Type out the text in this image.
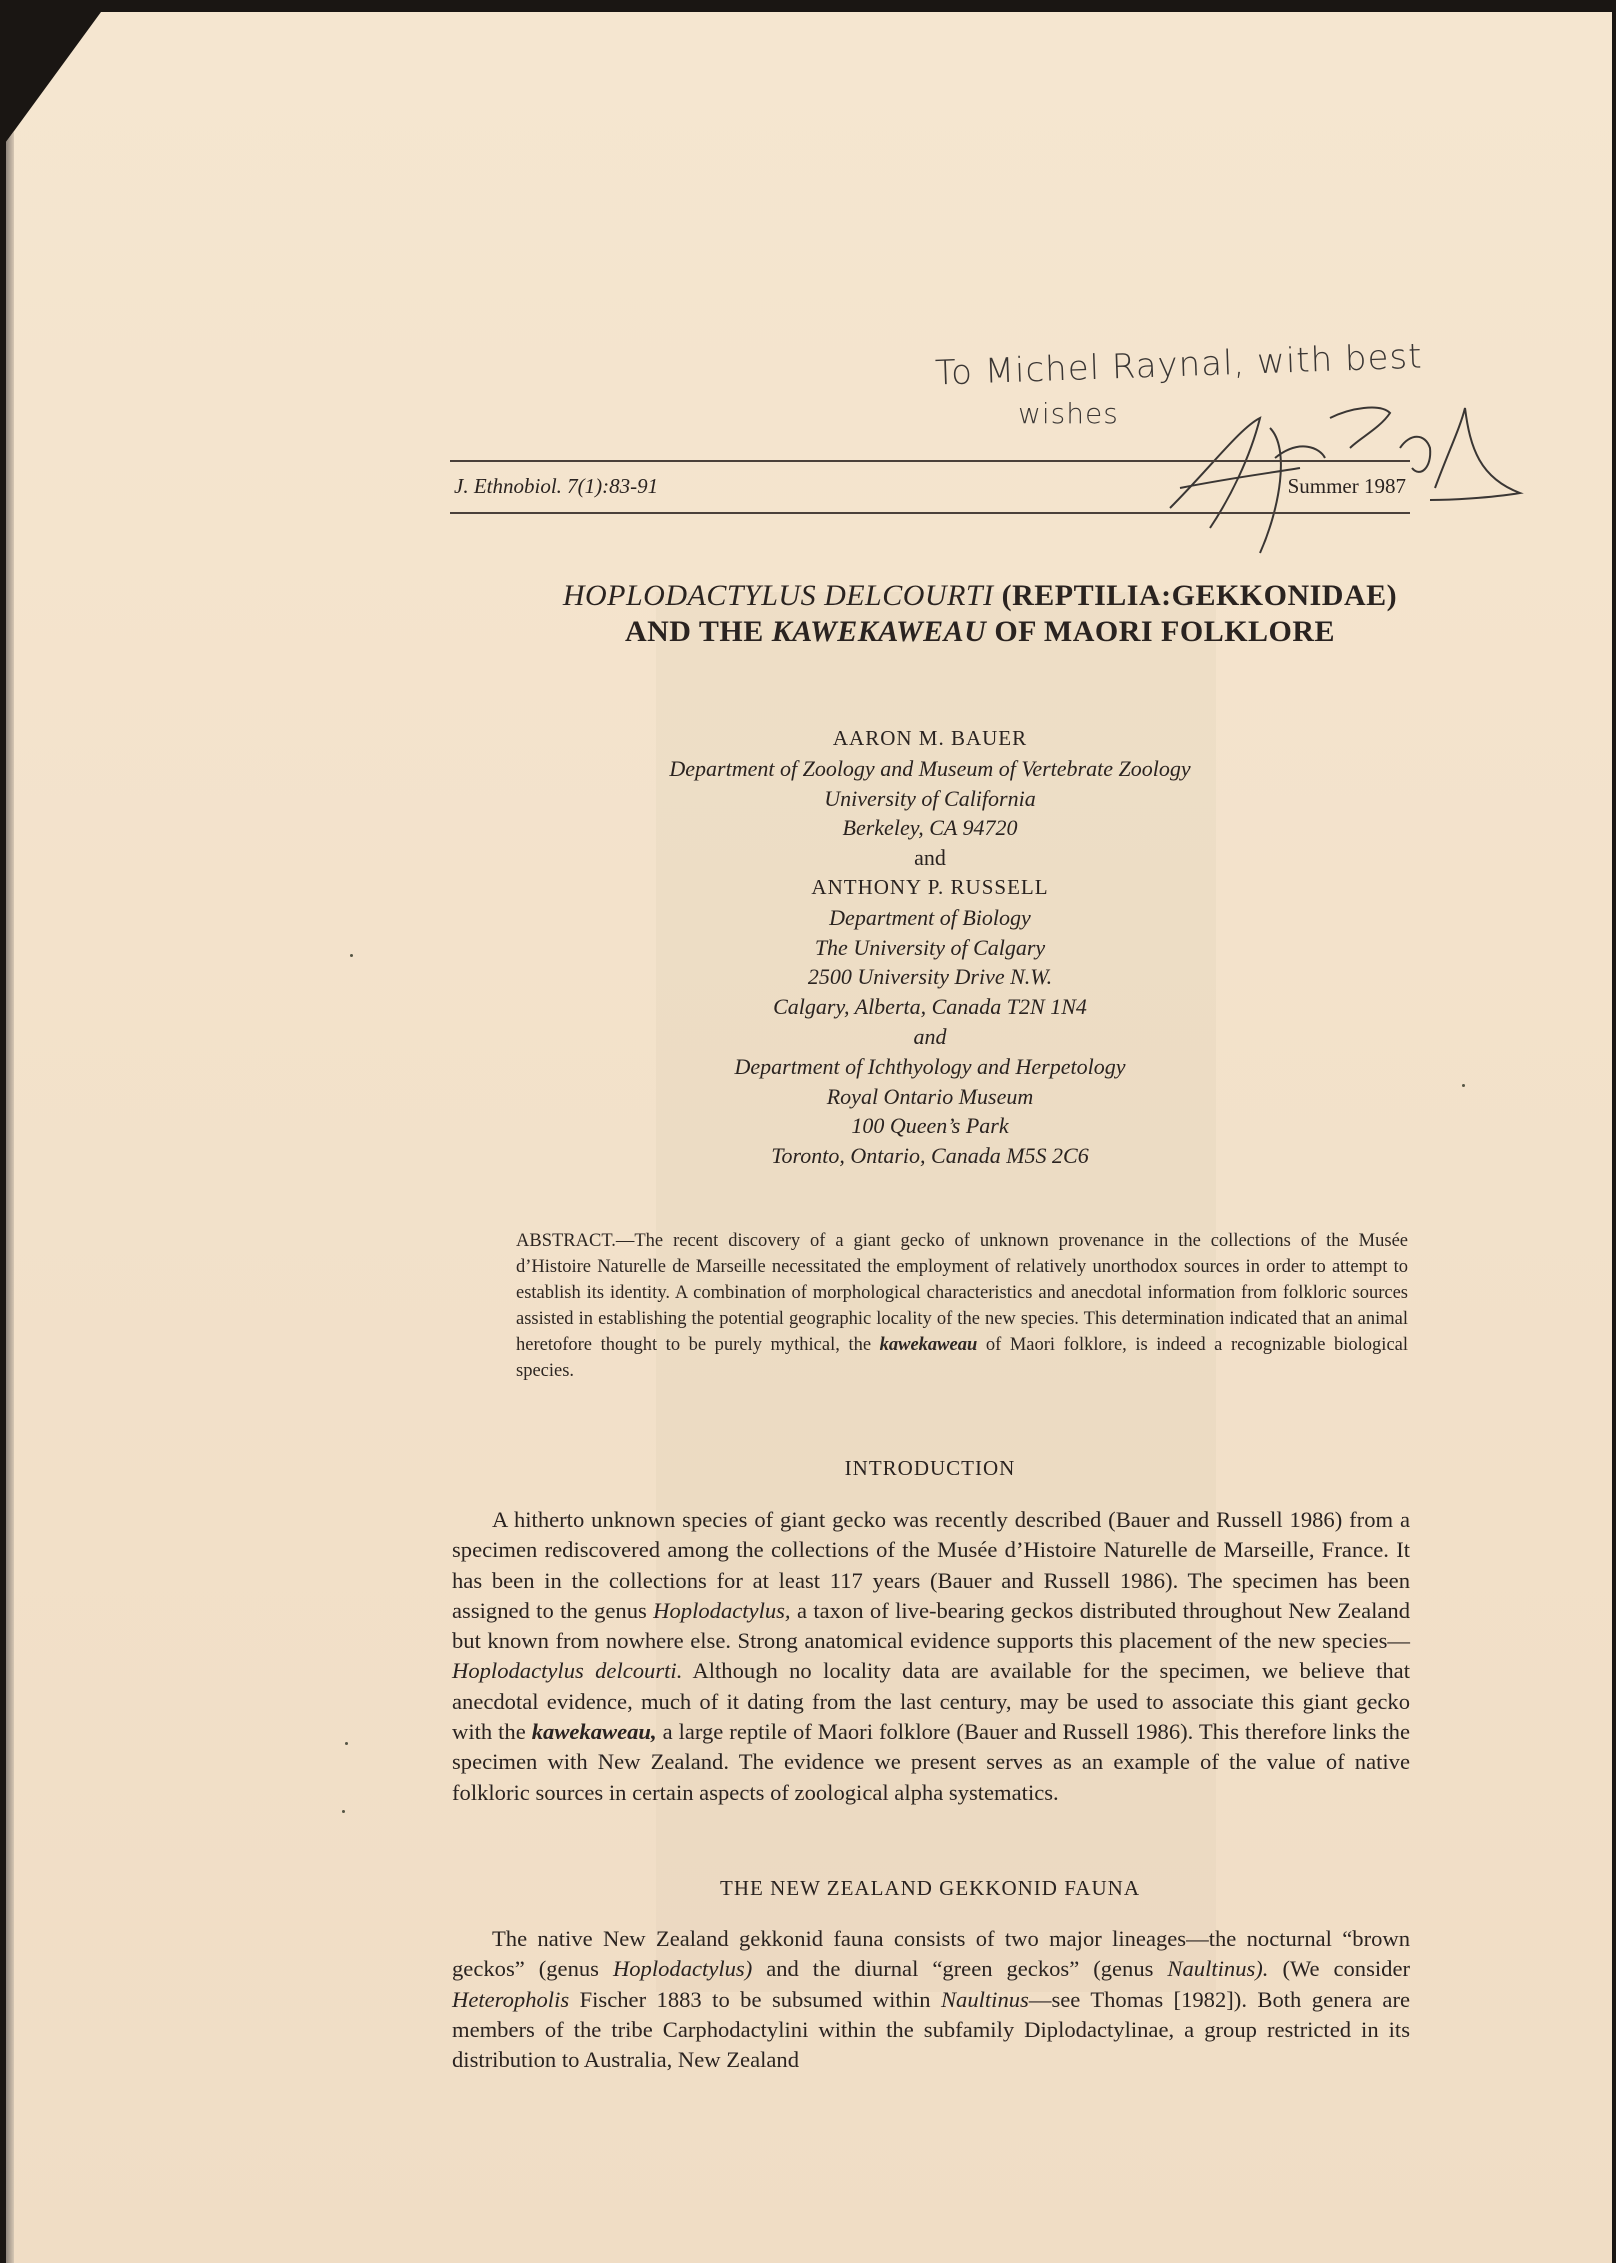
To Michel Raynal, with best
wishes
J. Ethnobiol. 7(1):83-91	Summer 1987
HOPLODACTYLUS DELCOURTI (REPTILIA:GEKKONIDAE)
AND THE KAWEKAWEAU OF MAORI FOLKLORE
AARON M. BAUER
Department of Zoology and Museum of Vertebrate Zoology
University of California
Berkeley, CA 94720
and
ANTHONY P. RUSSELL
Department of Biology
The University of Calgary
2500 University Drive N.W.
Calgary, Alberta, Canada T2N 1N4
and
Department of Ichthyology and Herpetology
Royal Ontario Museum
100 Queen’s Park
Toronto, Ontario, Canada M5S 2C6
ABSTRACT.—The recent discovery of a giant gecko of unknown provenance in the collections of the Musée d’Histoire Naturelle de Marseille necessitated the employment of relatively unorthodox sources in order to attempt to establish its identity. A combination of morphological characteristics and anecdotal information from folkloric sources assisted in establishing the potential geographic locality of the new species. This determination indicated that an animal heretofore thought to be purely mythical, the kawekaweau of Maori folklore, is indeed a recognizable biological species.
INTRODUCTION
A hitherto unknown species of giant gecko was recently described (Bauer and Russell 1986) from a specimen rediscovered among the collections of the Musée d’Histoire Naturelle de Marseille, France. It has been in the collections for at least 117 years (Bauer and Russell 1986). The specimen has been assigned to the genus Hoplodactylus, a taxon of live-bearing geckos distributed throughout New Zealand but known from nowhere else. Strong anatomical evidence supports this placement of the new species—Hoplodactylus delcourti. Although no locality data are available for the specimen, we believe that anecdotal evidence, much of it dating from the last century, may be used to associate this giant gecko with the kawekaweau, a large reptile of Maori folklore (Bauer and Russell 1986). This therefore links the specimen with New Zealand. The evidence we present serves as an example of the value of native folkloric sources in certain aspects of zoological alpha systematics.
THE NEW ZEALAND GEKKONID FAUNA
The native New Zealand gekkonid fauna consists of two major lineages—the nocturnal “brown geckos” (genus Hoplodactylus) and the diurnal “green geckos” (genus Naultinus). (We consider Heteropholis Fischer 1883 to be subsumed within Naultinus—see Thomas [1982]). Both genera are members of the tribe Carphodactylini within the subfamily Diplodactylinae, a group restricted in its distribution to Australia, New Zealand
